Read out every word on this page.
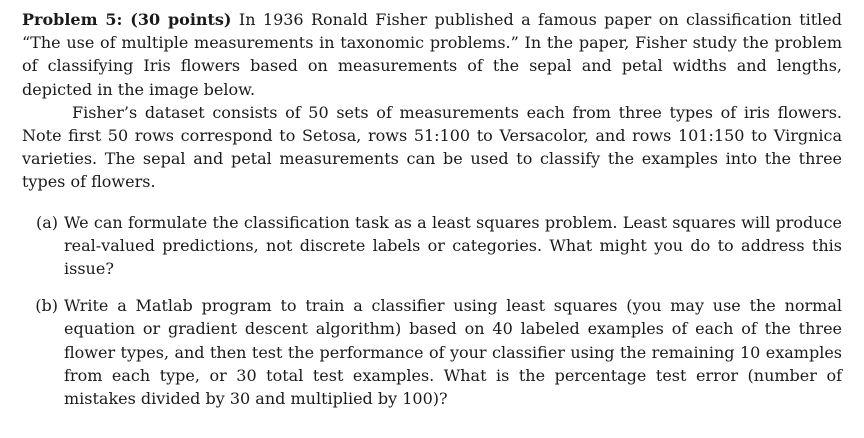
Problem 5: (30 points) In 1936 Ronald Fisher published a famous paper on classification titled “The use of multiple measurements in taxonomic problems.” In the paper, Fisher study the problem of classifying Iris flowers based on measurements of the sepal and petal widths and lengths, depicted in the image below.

Fisher’s dataset consists of 50 sets of measurements each from three types of iris flowers. Note first 50 rows correspond to Setosa, rows 51:100 to Versacolor, and rows 101:150 to Virgnica varieties. The sepal and petal measurements can be used to classify the examples into the three types of flowers.

(a) We can formulate the classification task as a least squares problem. Least squares will produce real-valued predictions, not discrete labels or categories. What might you do to address this issue?

(b) Write a Matlab program to train a classifier using least squares (you may use the normal equation or gradient descent algorithm) based on 40 labeled examples of each of the three flower types, and then test the performance of your classifier using the remaining 10 examples from each type, or 30 total test examples. What is the percentage test error (number of mistakes divided by 30 and multiplied by 100)?
